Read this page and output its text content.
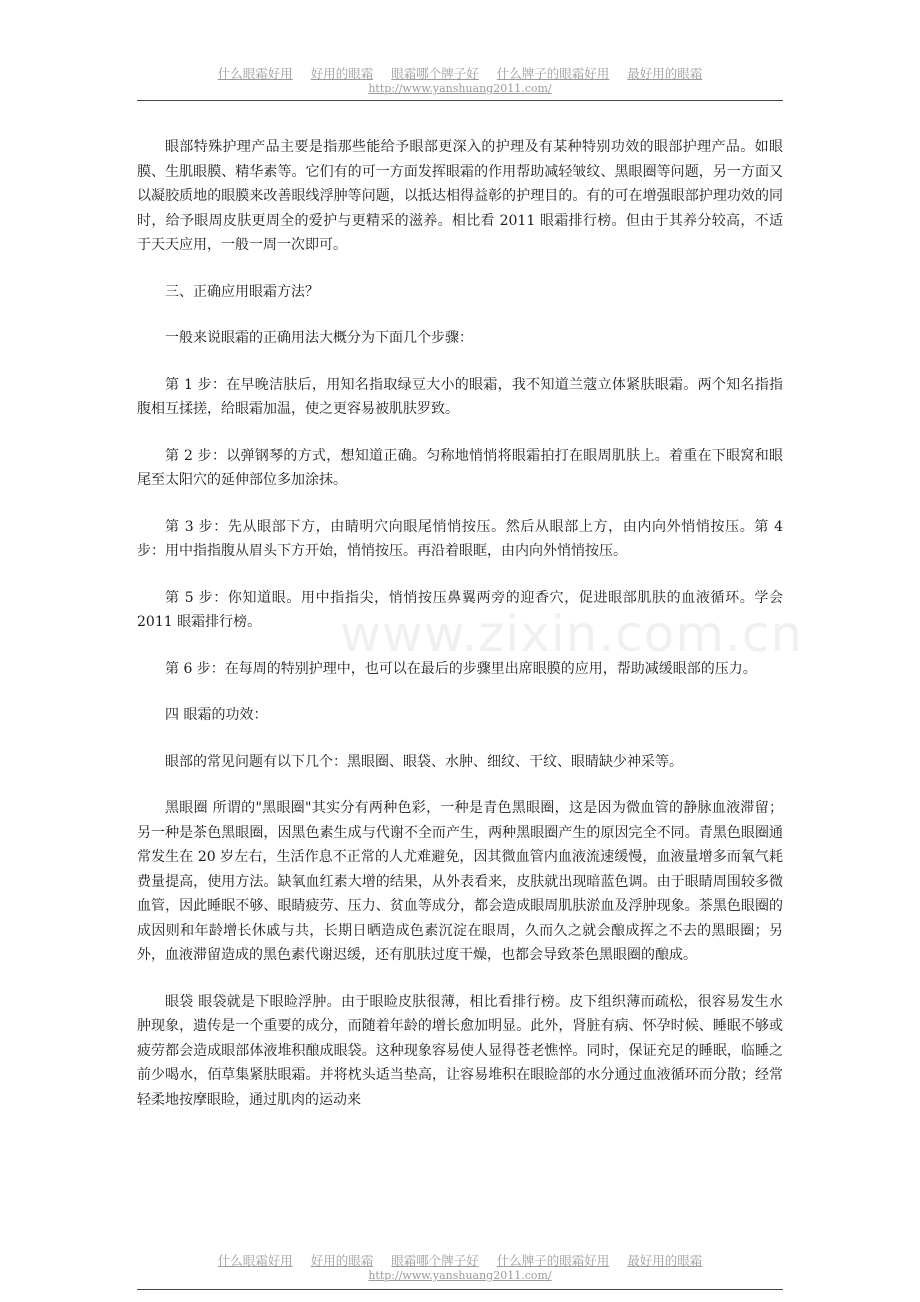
什么眼霜好用 好用的眼霜 眼霜哪个牌子好 什么牌子的眼霜好用 最好用的眼霜
http://www.yanshuang2011.com/
www.zixin.com.cn

眼部特殊护理产品主要是指那些能给予眼部更深入的护理及有某种特别功效的眼部护理产品。如眼膜、生肌眼膜、精华素等。它们有的可一方面发挥眼霜的作用帮助减轻皱纹、黑眼圈等问题，另一方面又以凝胶质地的眼膜来改善眼线浮肿等问题，以抵达相得益彰的护理目的。有的可在增强眼部护理功效的同时，给予眼周皮肤更周全的爱护与更精采的滋养。相比看 2011 眼霜排行榜。但由于其养分较高，不适于天天应用，一般一周一次即可。

三、正确应用眼霜方法？

一般来说眼霜的正确用法大概分为下面几个步骤：

第 1 步：在早晚洁肤后，用知名指取绿豆大小的眼霜，我不知道兰蔻立体紧肤眼霜。两个知名指指腹相互揉搓，给眼霜加温，使之更容易被肌肤罗致。

第 2 步：以弹钢琴的方式，想知道正确。匀称地悄悄将眼霜拍打在眼周肌肤上。着重在下眼窝和眼尾至太阳穴的延伸部位多加涂抹。

第 3 步：先从眼部下方，由睛明穴向眼尾悄悄按压。然后从眼部上方，由内向外悄悄按压。第 4 步：用中指指腹从眉头下方开始，悄悄按压。再沿着眼眶，由内向外悄悄按压。

第 5 步：你知道眼。用中指指尖，悄悄按压鼻翼两旁的迎香穴，促进眼部肌肤的血液循环。学会 2011 眼霜排行榜。

第 6 步：在每周的特别护理中，也可以在最后的步骤里出席眼膜的应用，帮助减缓眼部的压力。

四 眼霜的功效：

眼部的常见问题有以下几个：黑眼圈、眼袋、水肿、细纹、干纹、眼睛缺少神采等。

黑眼圈 所谓的"黑眼圈"其实分有两种色彩，一种是青色黑眼圈，这是因为微血管的静脉血液滞留；另一种是茶色黑眼圈，因黑色素生成与代谢不全而产生，两种黑眼圈产生的原因完全不同。青黑色眼圈通常发生在 20 岁左右，生活作息不正常的人尤难避免，因其微血管内血液流速缓慢，血液量增多而氧气耗费量提高，使用方法。缺氧血红素大增的结果，从外表看来，皮肤就出现暗蓝色调。由于眼睛周围较多微血管，因此睡眠不够、眼睛疲劳、压力、贫血等成分，都会造成眼周肌肤淤血及浮肿现象。茶黑色眼圈的成因则和年龄增长休戚与共，长期日晒造成色素沉淀在眼周，久而久之就会酿成挥之不去的黑眼圈；另外，血液滞留造成的黑色素代谢迟缓，还有肌肤过度干燥，也都会导致茶色黑眼圈的酿成。

眼袋 眼袋就是下眼睑浮肿。由于眼睑皮肤很薄，相比看排行榜。皮下组织薄而疏松，很容易发生水肿现象，遗传是一个重要的成分，而随着年龄的增长愈加明显。此外，肾脏有病、怀孕时候、睡眠不够或疲劳都会造成眼部体液堆积酿成眼袋。这种现象容易使人显得苍老憔悴。同时，保证充足的睡眠，临睡之前少喝水，佰草集紧肤眼霜。并将枕头适当垫高，让容易堆积在眼睑部的水分通过血液循环而分散；经常轻柔地按摩眼睑，通过肌肉的运动来

什么眼霜好用 好用的眼霜 眼霜哪个牌子好 什么牌子的眼霜好用 最好用的眼霜
http://www.yanshuang2011.com/
